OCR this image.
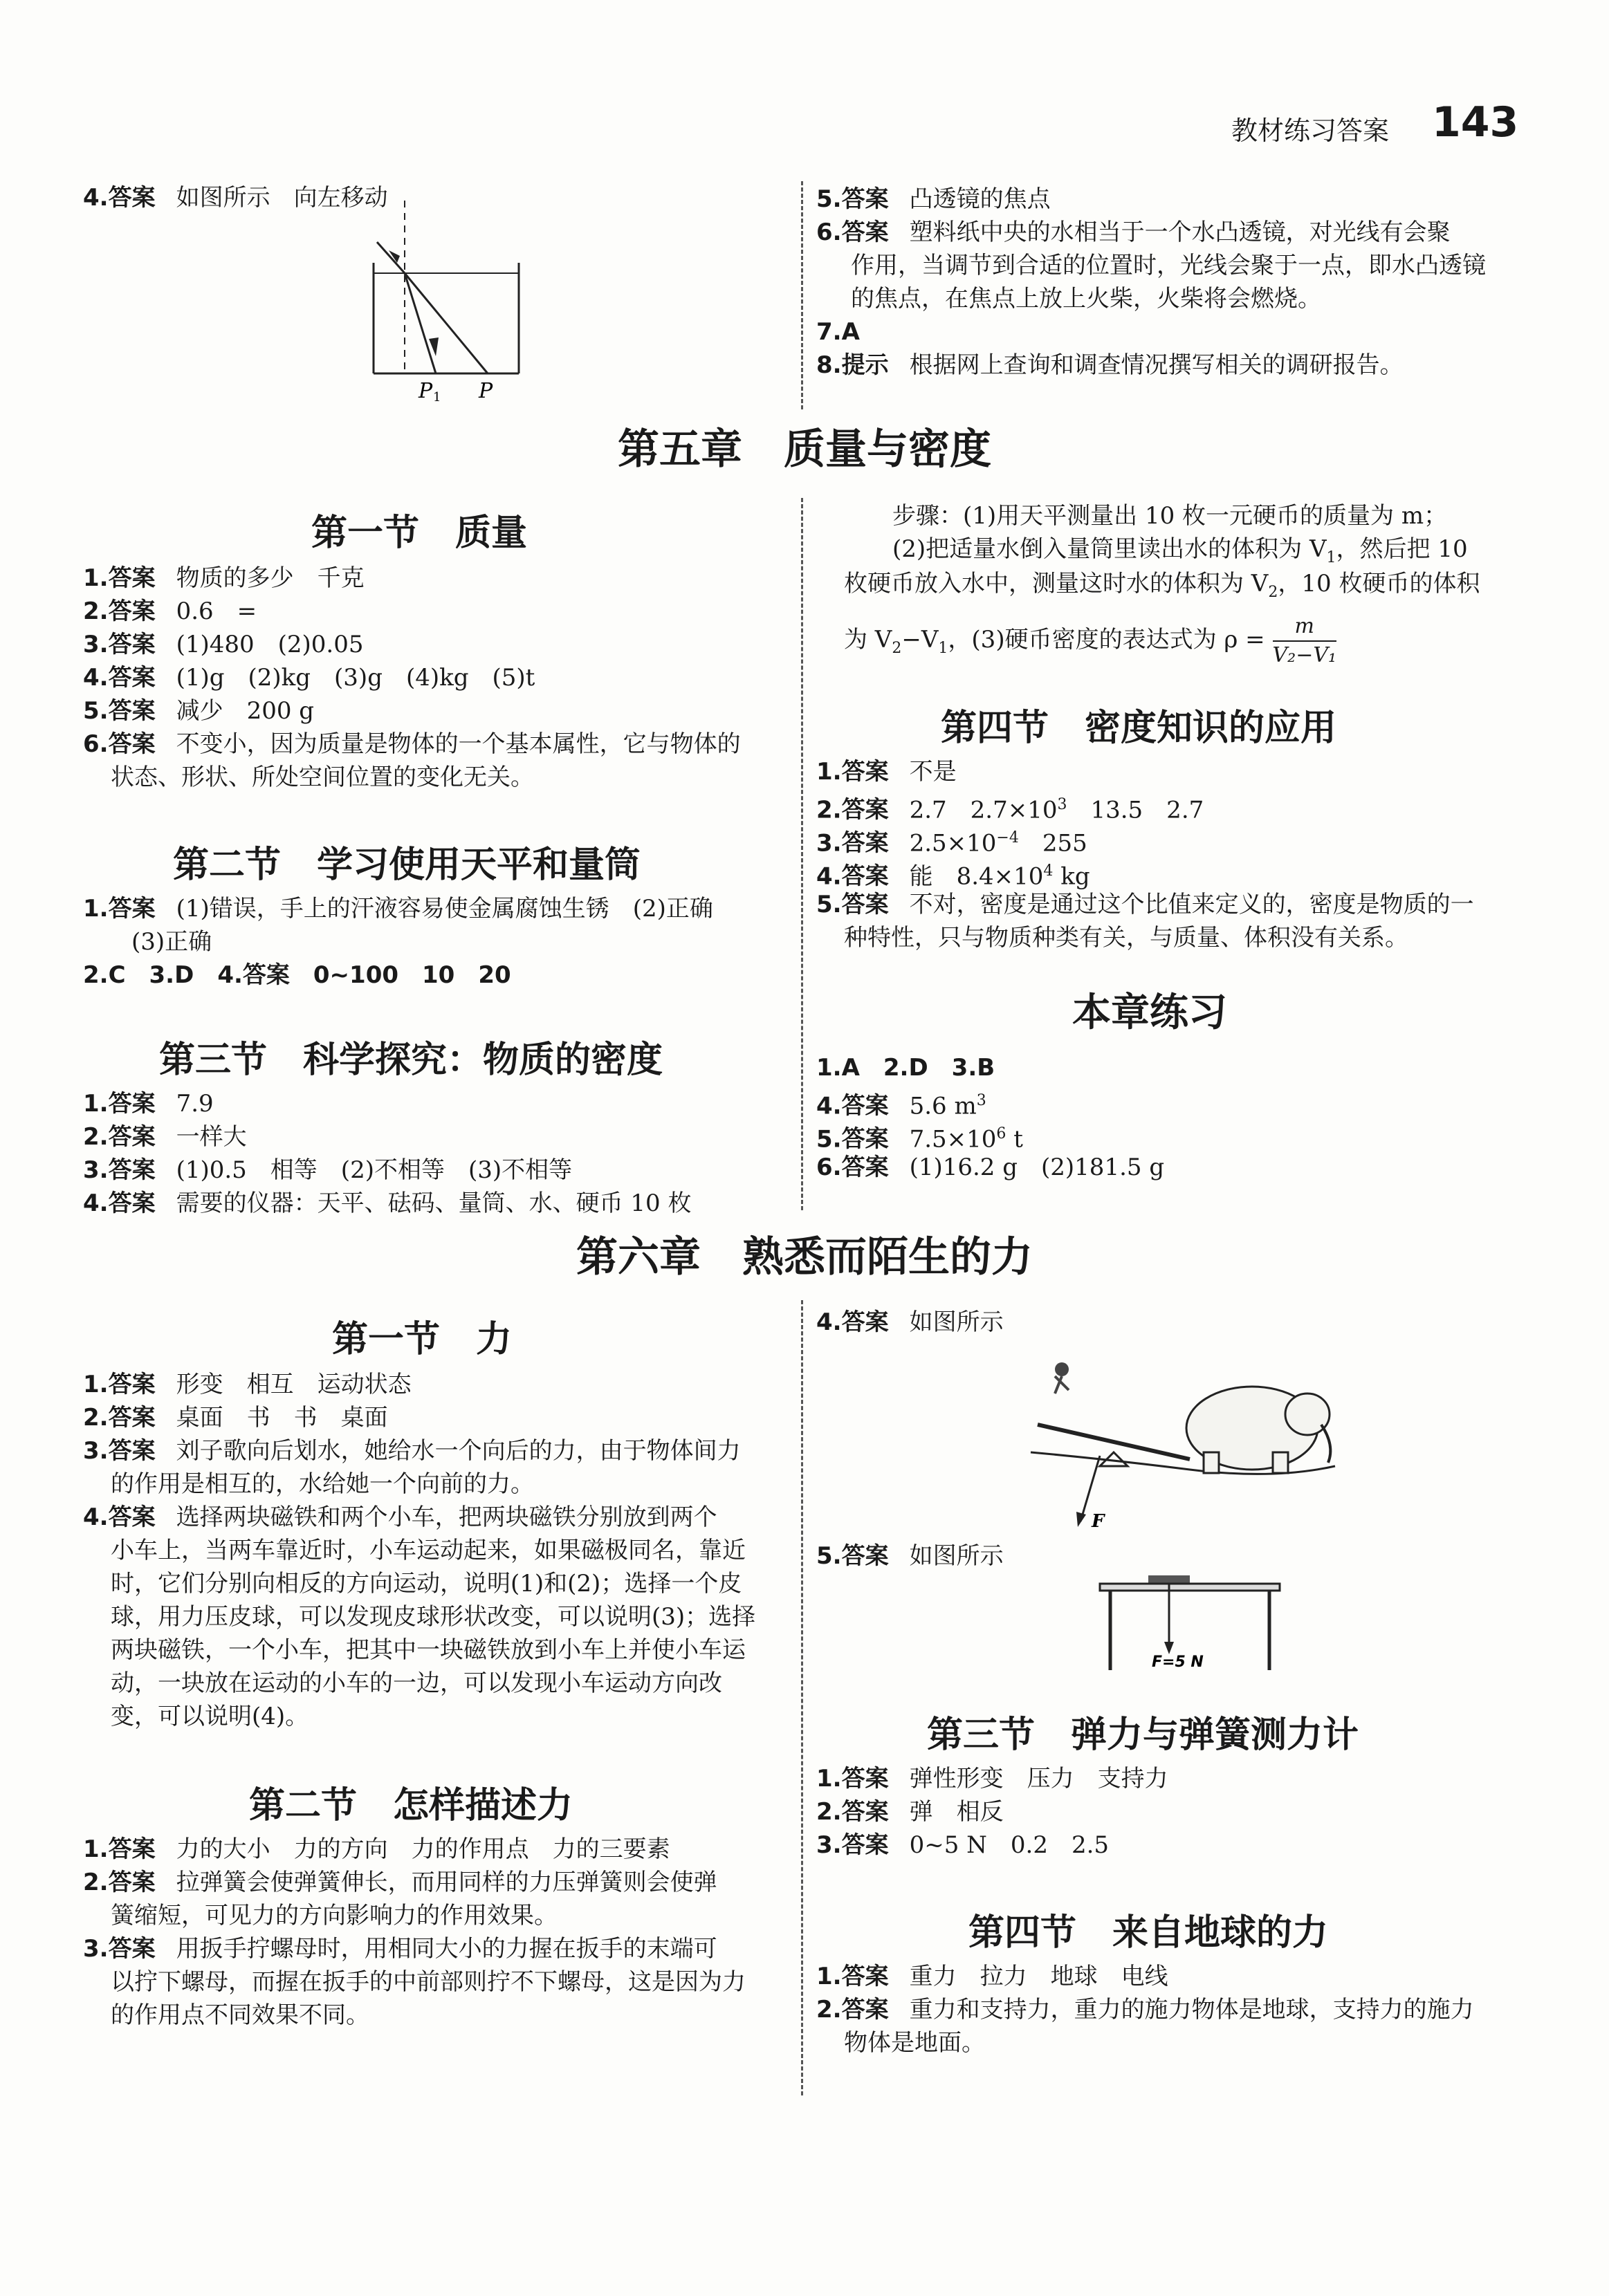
教材练习答案 143
4.答案 如图所示　向左移动
P 1 P
5.答案 凸透镜的焦点
6.答案 塑料纸中央的水相当于一个水凸透镜，对光线有会聚
作用，当调节到合适的位置时，光线会聚于一点，即水凸透镜
的焦点，在焦点上放上火柴，火柴将会燃烧。
7.A
8.提示 根据网上查询和调查情况撰写相关的调研报告。
第五章　质量与密度
第一节　质量
1.答案 物质的多少　千克
2.答案 0.6　=
3.答案 (1)480　(2)0.05
4.答案 (1)g　(2)kg　(3)g　(4)kg　(5)t
5.答案 减少　200 g
6.答案 不变小，因为质量是物体的一个基本属性，它与物体的
状态、形状、所处空间位置的变化无关。
第二节　学习使用天平和量筒
1.答案 (1)错误，手上的汗液容易使金属腐蚀生锈　(2)正确
(3)正确
2.C　3.D　4.答案　0~100　10　20
第三节　科学探究：物质的密度
1.答案 7.9
2.答案 一样大
3.答案 (1)0.5　相等　(2)不相等　(3)不相等
4.答案 需要的仪器：天平、砝码、量筒、水、硬币 10 枚
步骤：(1)用天平测量出 10 枚一元硬币的质量为 m；
(2)把适量水倒入量筒里读出水的体积为 $V_1$，然后把 10
枚硬币放入水中，测量这时水的体积为 $V_2$，10 枚硬币的体积
为 $V_2-V_1$，(3)硬币密度的表达式为 $\rho = \frac{m}{\text{V₂−V₁}}$
第四节　密度知识的应用
1.答案 不是
2.答案 2.7　$2.7\times 10^3$　13.5　2.7
3.答案 $2.5\times 10^{-4}$　255
4.答案 能　$8.4\times 10^4$ kg
5.答案 不对，密度是通过这个比值来定义的，密度是物质的一
种特性，只与物质种类有关，与质量、体积没有关系。
本章练习
1.A　2.D　3.B
4.答案 5.6 $m^3$
5.答案 $7.5\times 10^6$ t
6.答案 (1)16.2 g　(2)181.5 g
第六章　熟悉而陌生的力
第一节　力
1.答案 形变　相互　运动状态
2.答案 桌面　书　书　桌面
3.答案 刘子歌向后划水，她给水一个向后的力，由于物体间力
的作用是相互的，水给她一个向前的力。
4.答案 选择两块磁铁和两个小车，把两块磁铁分别放到两个
小车上，当两车靠近时，小车运动起来，如果磁极同名，靠近
时，它们分别向相反的方向运动，说明(1)和(2)；选择一个皮
球，用力压皮球，可以发现皮球形状改变，可以说明(3)；选择
两块磁铁，一个小车，把其中一块磁铁放到小车上并使小车运
动，一块放在运动的小车的一边，可以发现小车运动方向改
变，可以说明(4)。
第二节　怎样描述力
1.答案 力的大小　力的方向　力的作用点　力的三要素
2.答案 拉弹簧会使弹簧伸长，而用同样的力压弹簧则会使弹
簧缩短，可见力的方向影响力的作用效果。
3.答案 用扳手拧螺母时，用相同大小的力握在扳手的末端可
以拧下螺母，而握在扳手的中前部则拧不下螺母，这是因为力
的作用点不同效果不同。
4.答案 如图所示
F
5.答案 如图所示
F=5 N
第三节　弹力与弹簧测力计
1.答案 弹性形变　压力　支持力
2.答案 弹　相反
3.答案 0~5 N　0.2　2.5
第四节　来自地球的力
1.答案 重力　拉力　地球　电线
2.答案 重力和支持力，重力的施力物体是地球，支持力的施力
物体是地面。
